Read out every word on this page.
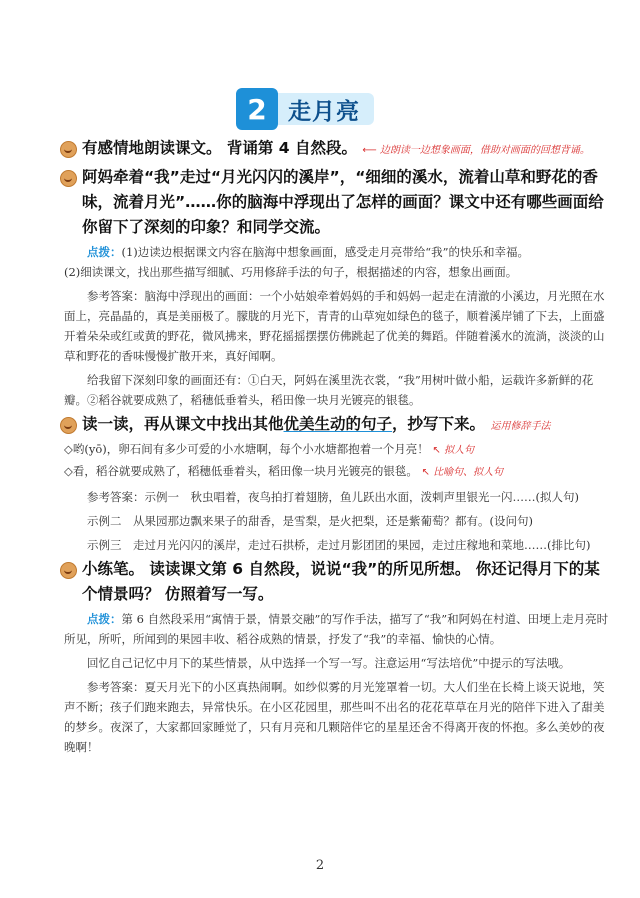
2 走月亮
有感情地朗读课文。 背诵第 4 自然段。 ⟵ 边朗读一边想象画面，借助对画面的回想背诵。
阿妈牵着“我”走过“月光闪闪的溪岸”，“细细的溪水，流着山草和野花的香味，流着月光”……你的脑海中浮现出了怎样的画面？课文中还有哪些画面给你留下了深刻的印象？和同学交流。
点拨：(1)边读边根据课文内容在脑海中想象画面，感受走月亮带给“我”的快乐和幸福。
(2)细读课文，找出那些描写细腻、巧用修辞手法的句子，根据描述的内容，想象出画面。
参考答案：脑海中浮现出的画面：一个小姑娘牵着妈妈的手和妈妈一起走在清澈的小溪边，月光照在水面上，亮晶晶的，真是美丽极了。朦胧的月光下，青青的山草宛如绿色的毯子，顺着溪岸铺了下去，上面盛开着朵朵或红或黄的野花，微风拂来，野花摇摇摆摆仿佛跳起了优美的舞蹈。伴随着溪水的流淌，淡淡的山草和野花的香味慢慢扩散开来，真好闻啊。
给我留下深刻印象的画面还有：①白天，阿妈在溪里洗衣裳，“我”用树叶做小船，运载许多新鲜的花瓣。②稻谷就要成熟了，稻穗低垂着头，稻田像一块月光镀亮的银毯。
读一读，再从课文中找出其他优美生动的句子，抄写下来。 运用修辞手法
◇哟(yō)，卵石间有多少可爱的小水塘啊，每个小水塘都抱着一个月亮！ ↖ 拟人句
◇看，稻谷就要成熟了，稻穗低垂着头，稻田像一块月光镀亮的银毯。 ↖ 比喻句、拟人句
参考答案：示例一　秋虫唱着，夜鸟拍打着翅膀，鱼儿跃出水面，泼剌声里银光一闪……(拟人句)
示例二　从果园那边飘来果子的甜香，是雪梨，是火把梨，还是紫葡萄？都有。(设问句)
示例三　走过月光闪闪的溪岸，走过石拱桥，走过月影团团的果园，走过庄稼地和菜地……(排比句)
小练笔。 读读课文第 6 自然段，说说“我”的所见所想。 你还记得月下的某个情景吗？ 仿照着写一写。
点拨：第 6 自然段采用“寓情于景，情景交融”的写作手法，描写了“我”和阿妈在村道、田埂上走月亮时所见，所听，所闻到的果园丰收、稻谷成熟的情景，抒发了“我”的幸福、愉快的心情。
回忆自己记忆中月下的某些情景，从中选择一个写一写。注意运用“写法培优”中提示的写法哦。
参考答案：夏天月光下的小区真热闹啊。如纱似雾的月光笼罩着一切。大人们坐在长椅上谈天说地，笑声不断；孩子们跑来跑去，异常快乐。在小区花园里，那些叫不出名的花花草草在月光的陪伴下进入了甜美的梦乡。夜深了，大家都回家睡觉了，只有月亮和几颗陪伴它的星星还舍不得离开夜的怀抱。多么美妙的夜晚啊！
2
